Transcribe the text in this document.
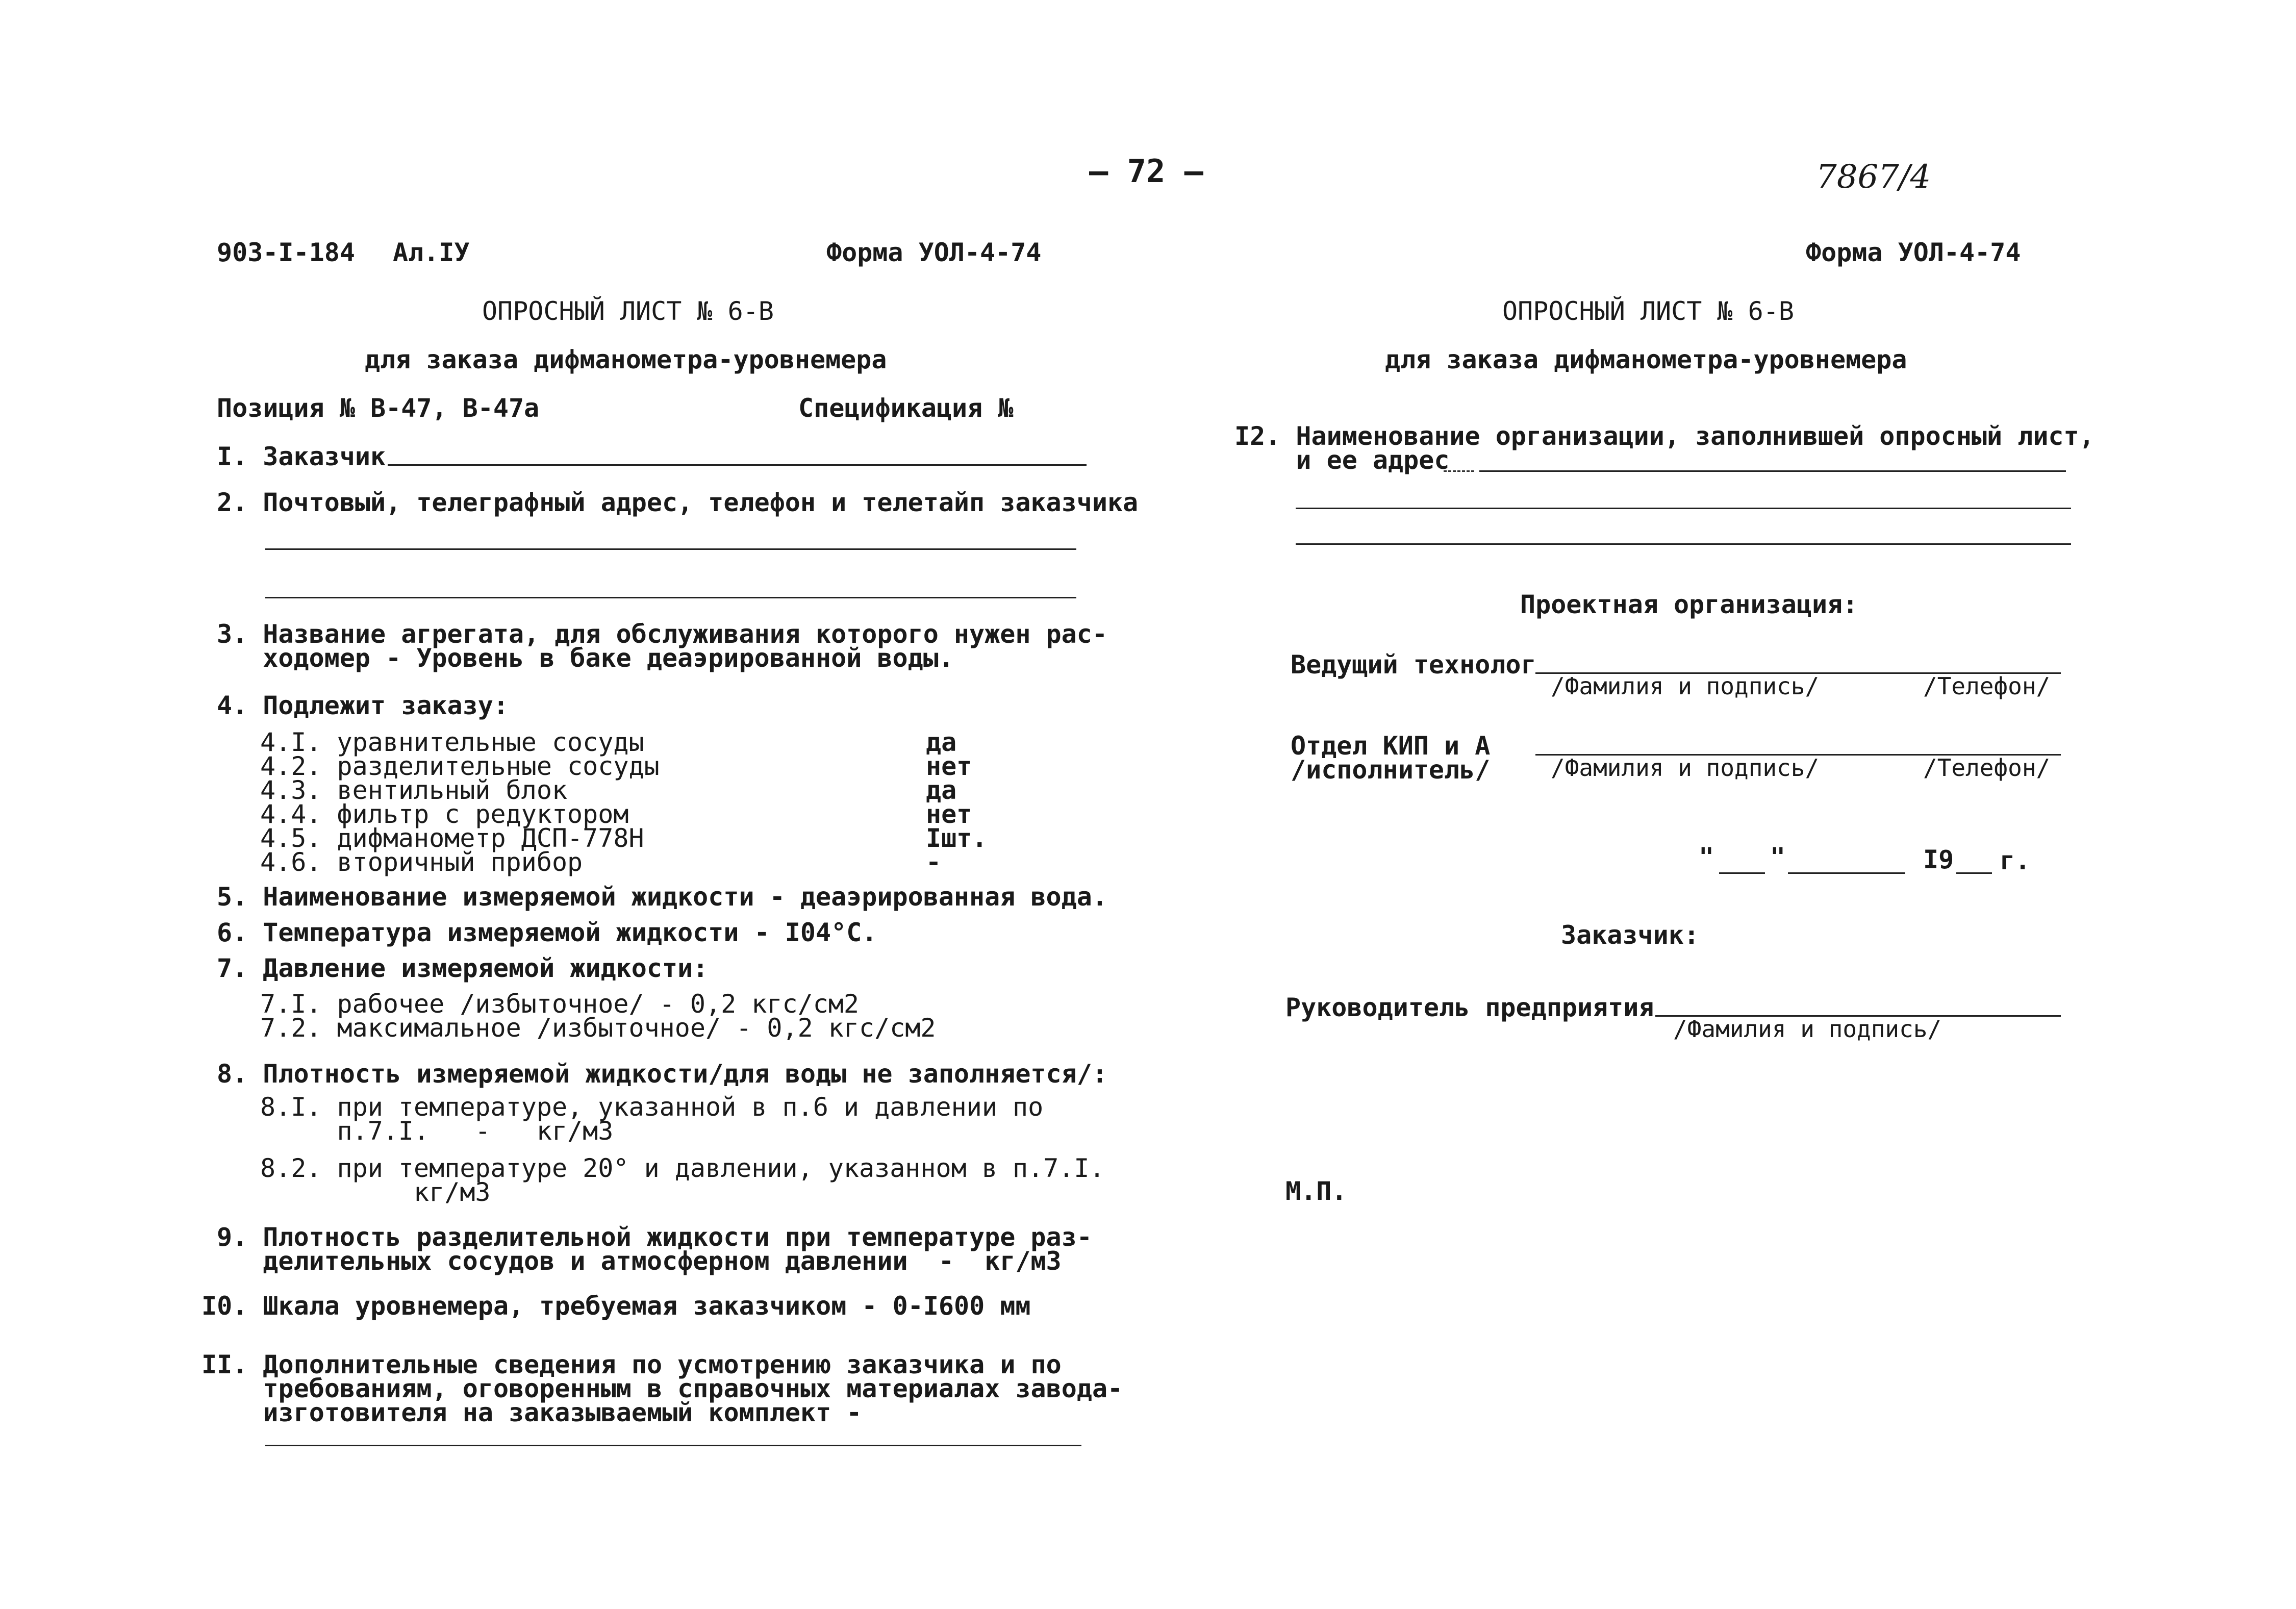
– 72 –	7867/4
903-I-184 Ал.IУ	Форма УОЛ-4-74	Форма УОЛ-4-74
ОПРОСНЫЙ ЛИСТ № 6-В
для заказа дифманометра-уровнемера
Позиция № В-47, В-47а	Спецификация №
I. Заказчик
2. Почтовый, телеграфный адрес, телефон и телетайп заказчика
3. Название агрегата, для обслуживания которого нужен рас-
ходомер - Уровень в баке деаэрированной воды.
4. Подлежит заказу:
4.I. уравнительные сосуды	да
4.2. разделительные сосуды	нет
4.3. вентильный блок	да
4.4. фильтр с редуктором	нет
4.5. дифманометр ДСП-778Н	Iшт.
4.6. вторичный прибор	-
5. Наименование измеряемой жидкости - деаэрированная вода.
6. Температура измеряемой жидкости - I04°С.
7. Давление измеряемой жидкости:
7.I. рабочее /избыточное/ - 0,2 кгс/см2
7.2. максимальное /избыточное/ - 0,2 кгс/см2
8. Плотность измеряемой жидкости/для воды не заполняется/:
8.I. при температуре, указанной в п.6 и давлении по
п.7.I.   -   кг/м3
8.2. при температуре 20° и давлении, указанном в п.7.I.
кг/м3
9. Плотность разделительной жидкости при температуре раз-
делительных сосудов и атмосферном давлении  -  кг/м3
I0. Шкала уровнемера, требуемая заказчиком - 0-I600 мм
II. Дополнительные сведения по усмотрению заказчика и по
требованиям, оговоренным в справочных материалах завода-
изготовителя на заказываемый комплект -
ОПРОСНЫЙ ЛИСТ № 6-В
для заказа дифманометра-уровнемера
I2. Наименование организации, заполнившей опросный лист,
и ее адрес
Проектная организация:
Ведущий технолог
/Фамилия и подпись/	/Телефон/
Отдел КИП и А
/исполнитель/	/Фамилия и подпись/	/Телефон/
" "	I9 г.
Заказчик:
Руководитель предприятия
/Фамилия и подпись/
М.П.
